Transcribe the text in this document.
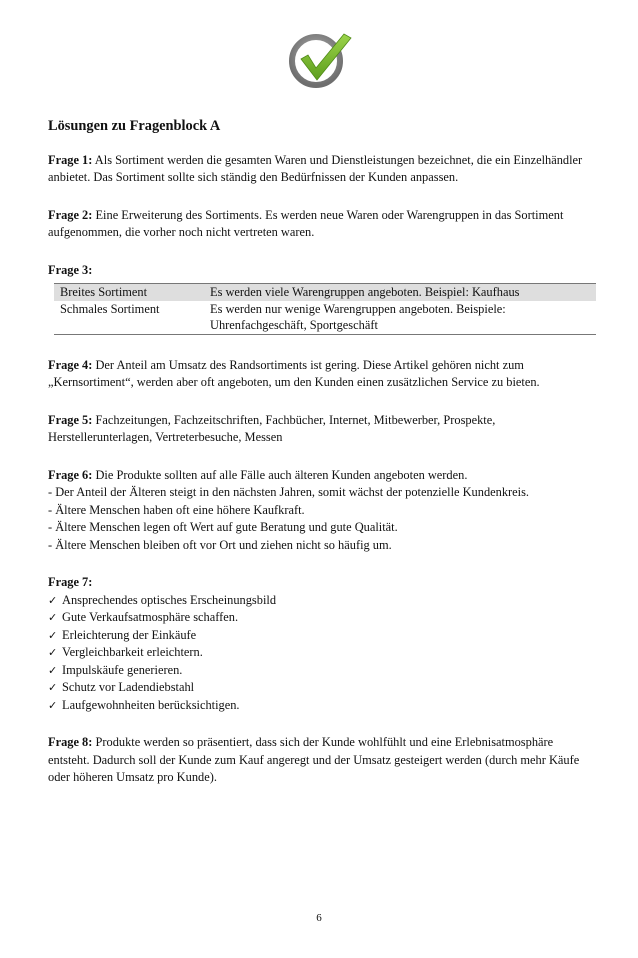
Lösungen zu Fragenblock A
Frage 1: Als Sortiment werden die gesamten Waren und Dienstleistungen bezeichnet, die ein Einzelhändler anbietet. Das Sortiment sollte sich ständig den Bedürfnissen der Kunden anpassen.
Frage 2: Eine Erweiterung des Sortiments. Es werden neue Waren oder Warengruppen in das Sortiment aufgenommen, die vorher noch nicht vertreten waren.
Frage 3:
Breites Sortiment	Es werden viele Warengruppen angeboten. Beispiel: Kaufhaus
Schmales Sortiment	Es werden nur wenige Warengruppen angeboten. Beispiele: Uhrenfachgeschäft, Sportgeschäft
Frage 4: Der Anteil am Umsatz des Randsortiments ist gering. Diese Artikel gehören nicht zum „Kernsortiment“, werden aber oft angeboten, um den Kunden einen zusätzlichen Service zu bieten.
Frage 5: Fachzeitungen, Fachzeitschriften, Fachbücher, Internet, Mitbewerber, Prospekte, Herstellerunterlagen, Vertreterbesuche, Messen
Frage 6: Die Produkte sollten auf alle Fälle auch älteren Kunden angeboten werden.
- Der Anteil der Älteren steigt in den nächsten Jahren, somit wächst der potenzielle Kundenkreis.
- Ältere Menschen haben oft eine höhere Kaufkraft.
- Ältere Menschen legen oft Wert auf gute Beratung und gute Qualität.
- Ältere Menschen bleiben oft vor Ort und ziehen nicht so häufig um.
Frage 7:
✓ Ansprechendes optisches Erscheinungsbild
✓ Gute Verkaufsatmosphäre schaffen.
✓ Erleichterung der Einkäufe
✓ Vergleichbarkeit erleichtern.
✓ Impulskäufe generieren.
✓ Schutz vor Ladendiebstahl
✓ Laufgewohnheiten berücksichtigen.
Frage 8: Produkte werden so präsentiert, dass sich der Kunde wohlfühlt und eine Erlebnisatmosphäre entsteht. Dadurch soll der Kunde zum Kauf angeregt und der Umsatz gesteigert werden (durch mehr Käufe oder höheren Umsatz pro Kunde).
6
